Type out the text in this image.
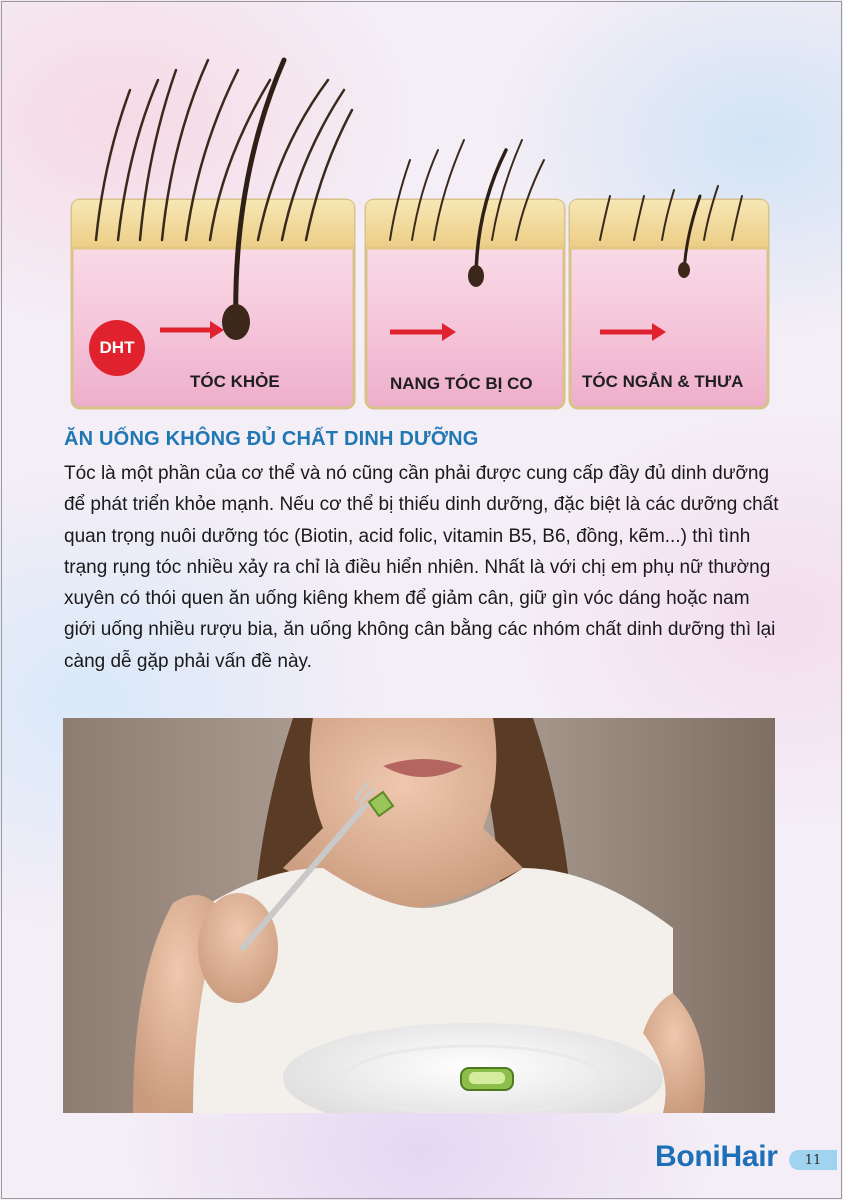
TÓC KHỎE	NANG TÓC BỊ CO	TÓC NGẮN & THƯA
DHT
ĂN UỐNG KHÔNG ĐỦ CHẤT DINH DƯỠNG

Tóc là một phần của cơ thể và nó cũng cần phải được cung cấp đầy đủ dinh dưỡng để phát triển khỏe mạnh. Nếu cơ thể bị thiếu dinh dưỡng, đặc biệt là các dưỡng chất quan trọng nuôi dưỡng tóc (Biotin, acid folic, vitamin B5, B6, đồng, kẽm...) thì tình trạng rụng tóc nhiều xảy ra chỉ là điều hiển nhiên. Nhất là với chị em phụ nữ thường xuyên có thói quen ăn uống kiêng khem để giảm cân, giữ gìn vóc dáng hoặc nam giới uống nhiều rượu bia, ăn uống không cân bằng các nhóm chất dinh dưỡng thì lại càng dễ gặp phải vấn đề này.

BoniHair	11
